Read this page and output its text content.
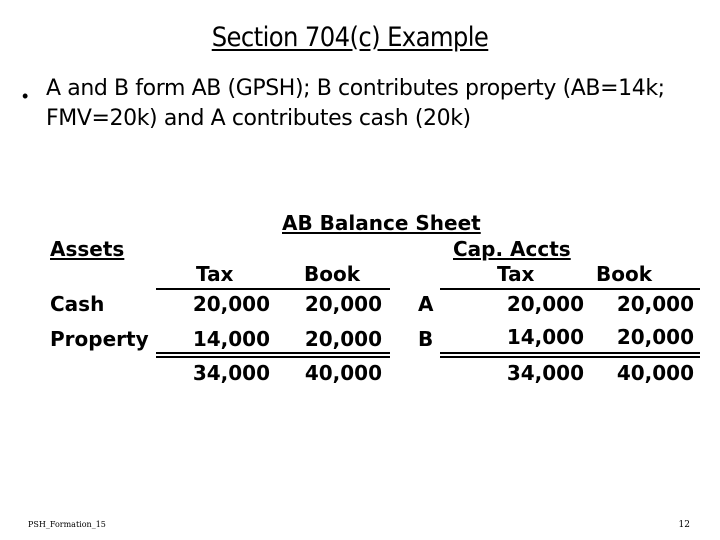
Section 704(c) Example
• A and B form AB (GPSH); B contributes property (AB=14k; FMV=20k) and A contributes cash (20k)
AB Balance Sheet
Assets	Cap. Accts
Tax	Book	Tax	Book
Cash	20,000	20,000 A	20,000	20,000
Property	14,000	20,000 B	14,000	20,000
34,000	40,000	34,000	40,000
PSH_Formation_15	12
